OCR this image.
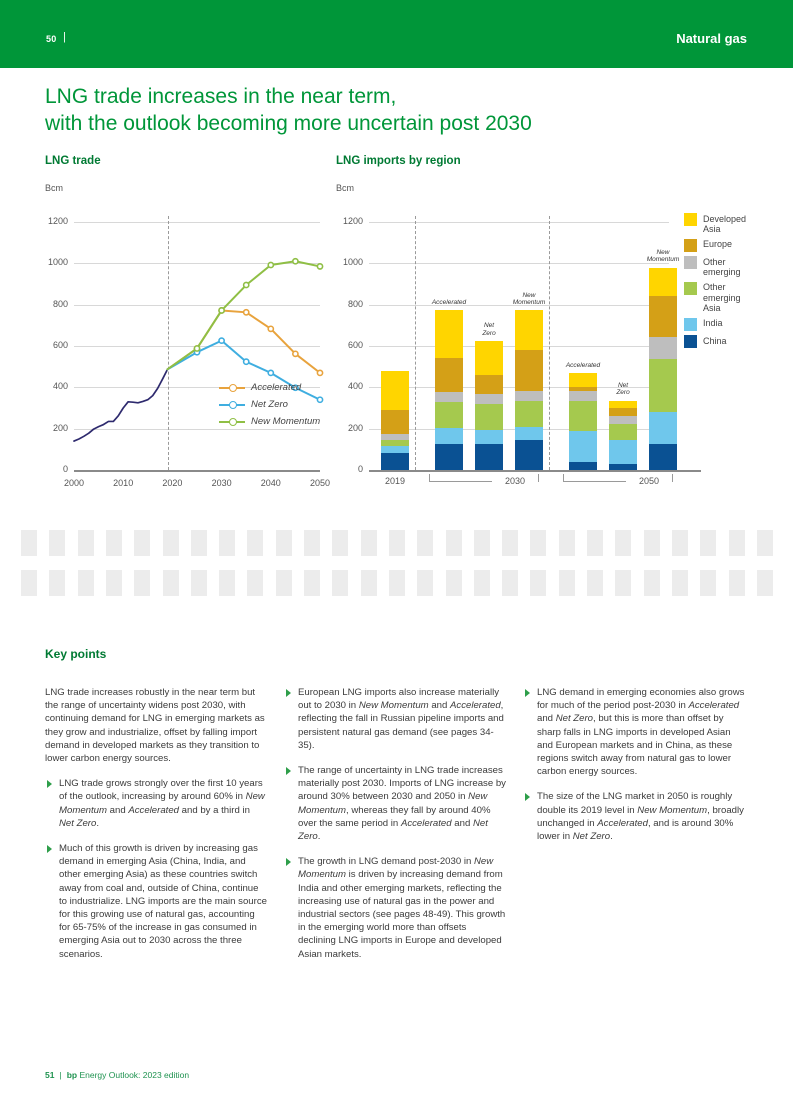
50 |	Natural gas
LNG trade increases in the near term,
with the outlook becoming more uncertain post 2030
LNG trade
Bcm
0
200
400
600
800
1000
1200
2000	2010	2020	2030	2040	2050
Accelerated
Net Zero
New Momentum
LNG imports by region
Bcm
0
200
400
600
800
1000
1200
Accelerated
Net
Zero
New
Momentum
Accelerated
Net
Zero
New
Momentum
2019	2030	2050
Developed
Asia
Europe
Other
emerging
Other
emerging
Asia
India
China
Key points
LNG trade increases robustly in the near term but the range of uncertainty widens post 2030, with continuing demand for LNG in emerging markets as they grow and industrialize, offset by falling import demand in developed markets as they transition to lower carbon energy sources.
LNG trade grows strongly over the first 10 years of the outlook, increasing by around 60% in New Momentum and Accelerated and by a third in Net Zero.
Much of this growth is driven by increasing gas demand in emerging Asia (China, India, and other emerging Asia) as these countries switch away from coal and, outside of China, continue to industrialize. LNG imports are the main source for this growing use of natural gas, accounting for 65-75% of the increase in gas consumed in emerging Asia out to 2030 across the three scenarios.
European LNG imports also increase materially out to 2030 in New Momentum and Accelerated, reflecting the fall in Russian pipeline imports and persistent natural gas demand (see pages 34-35).
The range of uncertainty in LNG trade increases materially post 2030. Imports of LNG increase by around 30% between 2030 and 2050 in New Momentum, whereas they fall by around 40% over the same period in Accelerated and Net Zero.
The growth in LNG demand post-2030 in New Momentum is driven by increasing demand from India and other emerging markets, reflecting the increasing use of natural gas in the power and industrial sectors (see pages 48-49). This growth in the emerging world more than offsets declining LNG imports in Europe and developed Asian markets.
LNG demand in emerging economies also grows for much of the period post-2030 in Accelerated and Net Zero, but this is more than offset by sharp falls in LNG imports in developed Asian and European markets and in China, as these regions switch away from natural gas to lower carbon energy sources.
The size of the LNG market in 2050 is roughly double its 2019 level in New Momentum, broadly unchanged in Accelerated, and is around 30% lower in Net Zero.
51 | bp Energy Outlook: 2023 edition
